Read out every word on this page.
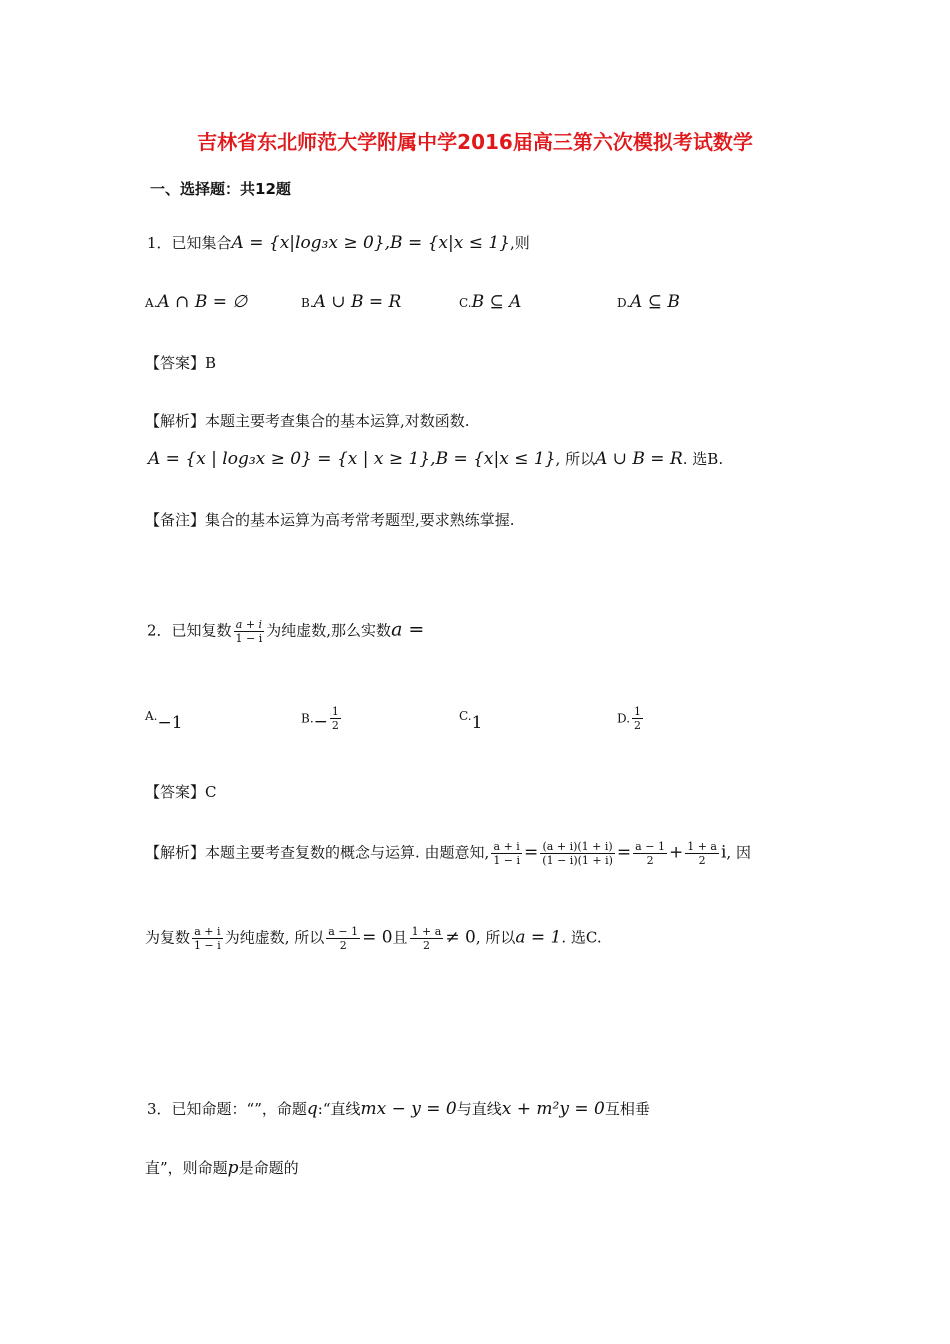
吉林省东北师范大学附属中学2016届高三第六次模拟考试数学
一、选择题：共12题
1．已知集合A = {x|log₃x ≥ 0},B = {x|x ≤ 1},则
A.A ∩ B = ∅	B.A ∪ B = R	C.B ⊆ A	D.A ⊆ B
【答案】B
【解析】本题主要考查集合的基本运算,对数函数.
A = {x | log₃x ≥ 0} = {x | x ≥ 1},B = {x|x ≤ 1}, 所以A ∪ B = R. 选B.
【备注】集合的基本运算为高考常考题型,要求熟练掌握.
2．已知复数 $\frac{a + i}{1 - i}$ 为纯虚数,那么实数a =
A.−1	$B.- \frac{1}{2}$	C.1	D. $\frac{1}{2}$
【答案】C
【解析】本题主要考查复数的概念与运算. 由题意知, $\frac{a + i}{1 - i} = \frac{(a + i)(1 + i)}{(1 - i)(1 + i)} = \frac{a - 1}{2} + \frac{1 + a}{2} i$, 因
为复数 $\frac{a + i}{1 - i}$ 为纯虚数, 所以 $\frac{a - 1}{2} = 0$且 $\frac{1 + a}{2} \ne 0$, 所以a = 1. 选C.
3．已知命题：“”，命题q:“直线mx − y = 0与直线x + m²y = 0互相垂
直”，则命题p是命题的
